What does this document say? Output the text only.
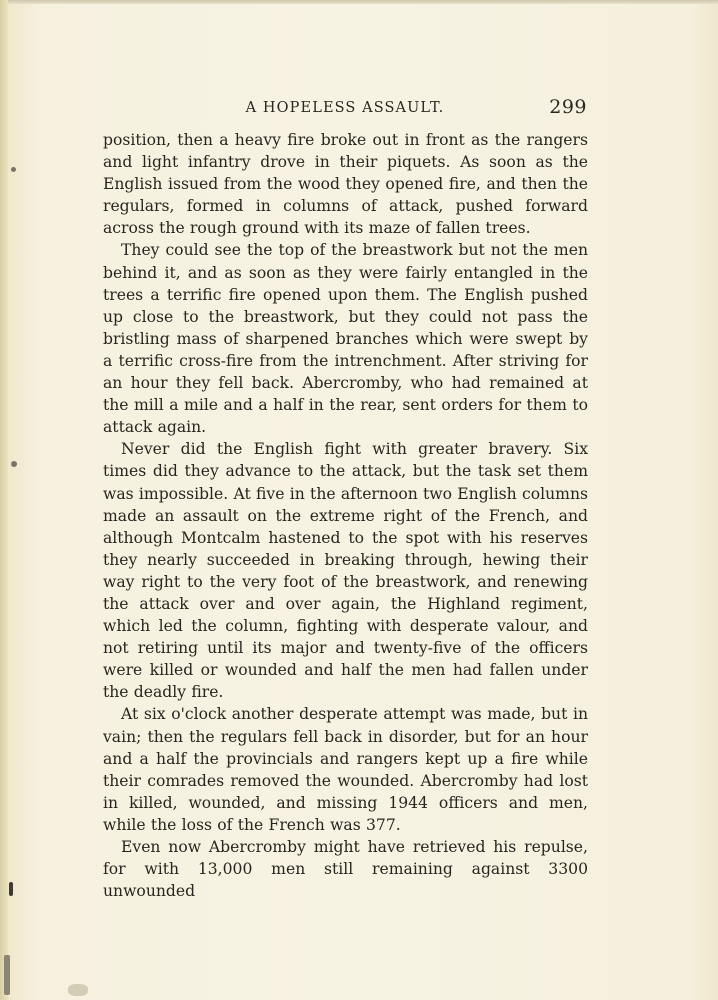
A HOPELESS ASSAULT.	299

position, then a heavy fire broke out in front as the rangers and light infantry drove in their piquets. As soon as the English issued from the wood they opened fire, and then the regulars, formed in columns of attack, pushed forward across the rough ground with its maze of fallen trees.

They could see the top of the breastwork but not the men behind it, and as soon as they were fairly entangled in the trees a terrific fire opened upon them. The English pushed up close to the breastwork, but they could not pass the bristling mass of sharpened branches which were swept by a terrific cross-fire from the intrenchment. After striving for an hour they fell back. Abercromby, who had remained at the mill a mile and a half in the rear, sent orders for them to attack again.

Never did the English fight with greater bravery. Six times did they advance to the attack, but the task set them was impossible. At five in the afternoon two English columns made an assault on the extreme right of the French, and although Montcalm hastened to the spot with his reserves they nearly succeeded in breaking through, hewing their way right to the very foot of the breastwork, and renewing the attack over and over again, the Highland regiment, which led the column, fighting with desperate valour, and not retiring until its major and twenty-five of the officers were killed or wounded and half the men had fallen under the deadly fire.

At six o'clock another desperate attempt was made, but in vain; then the regulars fell back in disorder, but for an hour and a half the provincials and rangers kept up a fire while their comrades removed the wounded. Abercromby had lost in killed, wounded, and missing 1944 officers and men, while the loss of the French was 377.

Even now Abercromby might have retrieved his repulse, for with 13,000 men still remaining against 3300 unwounded
